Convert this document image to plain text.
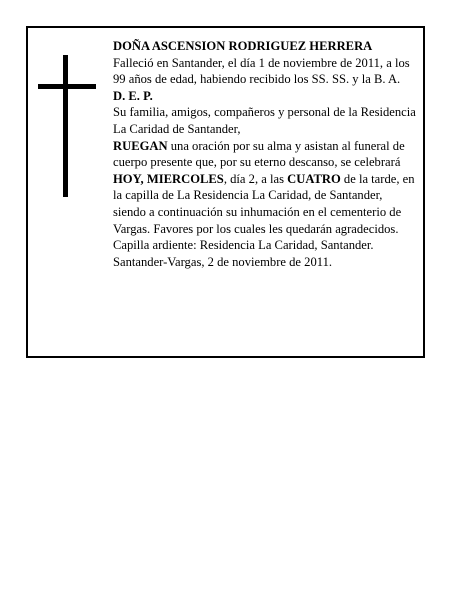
DOÑA ASCENSION RODRIGUEZ HERRERA

Falleció en Santander, el día 1 de noviembre de 2011, a los 99 años de edad, habiendo recibido los SS. SS. y la B. A.

D. E. P.

Su familia, amigos, compañeros y personal de la Residencia La Caridad de Santander,

RUEGAN una oración por su alma y asistan al funeral de cuerpo presente que, por su eterno descanso, se celebrará HOY, MIERCOLES, día 2, a las CUATRO de la tarde, en la capilla de La Residencia La Caridad, de Santander, siendo a continuación su inhumación en el cementerio de Vargas. Favores por los cuales les quedarán agradecidos. Capilla ardiente: Residencia La Caridad, Santander.

Santander-Vargas, 2 de noviembre de 2011.
